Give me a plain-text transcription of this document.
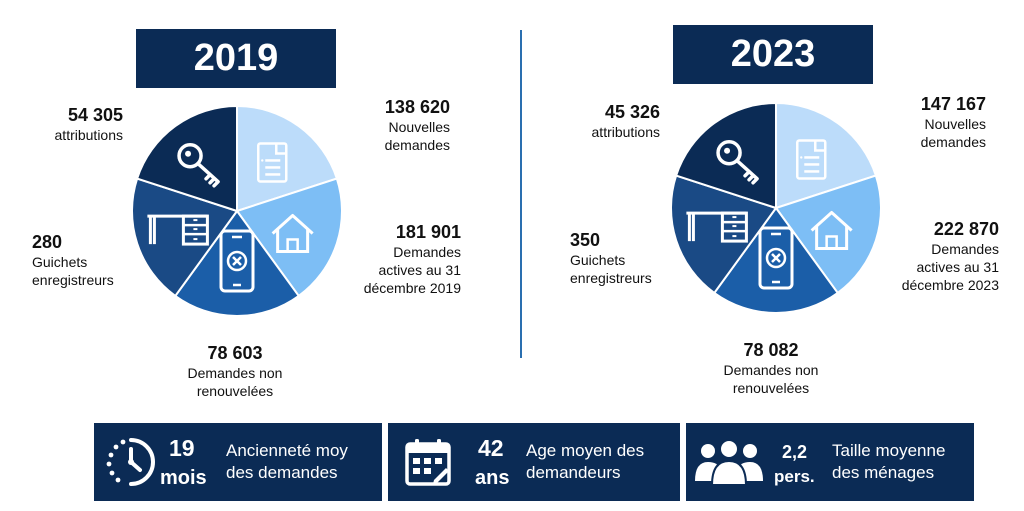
2019
54 305
attributions
138 620
Nouvelles
demandes
181 901
Demandes
actives au 31
décembre 2019
78 603
Demandes non
renouvelées
280
Guichets
enregistreurs
2023
45 326
attributions
147 167
Nouvelles
demandes
222 870
Demandes
actives au 31
décembre 2023
78 082
Demandes non
renouvelées
350
Guichets
enregistreurs
19
mois
Ancienneté moy
des demandes
42
ans
Age moyen des
demandeurs
2,2
pers.
Taille moyenne
des ménages
